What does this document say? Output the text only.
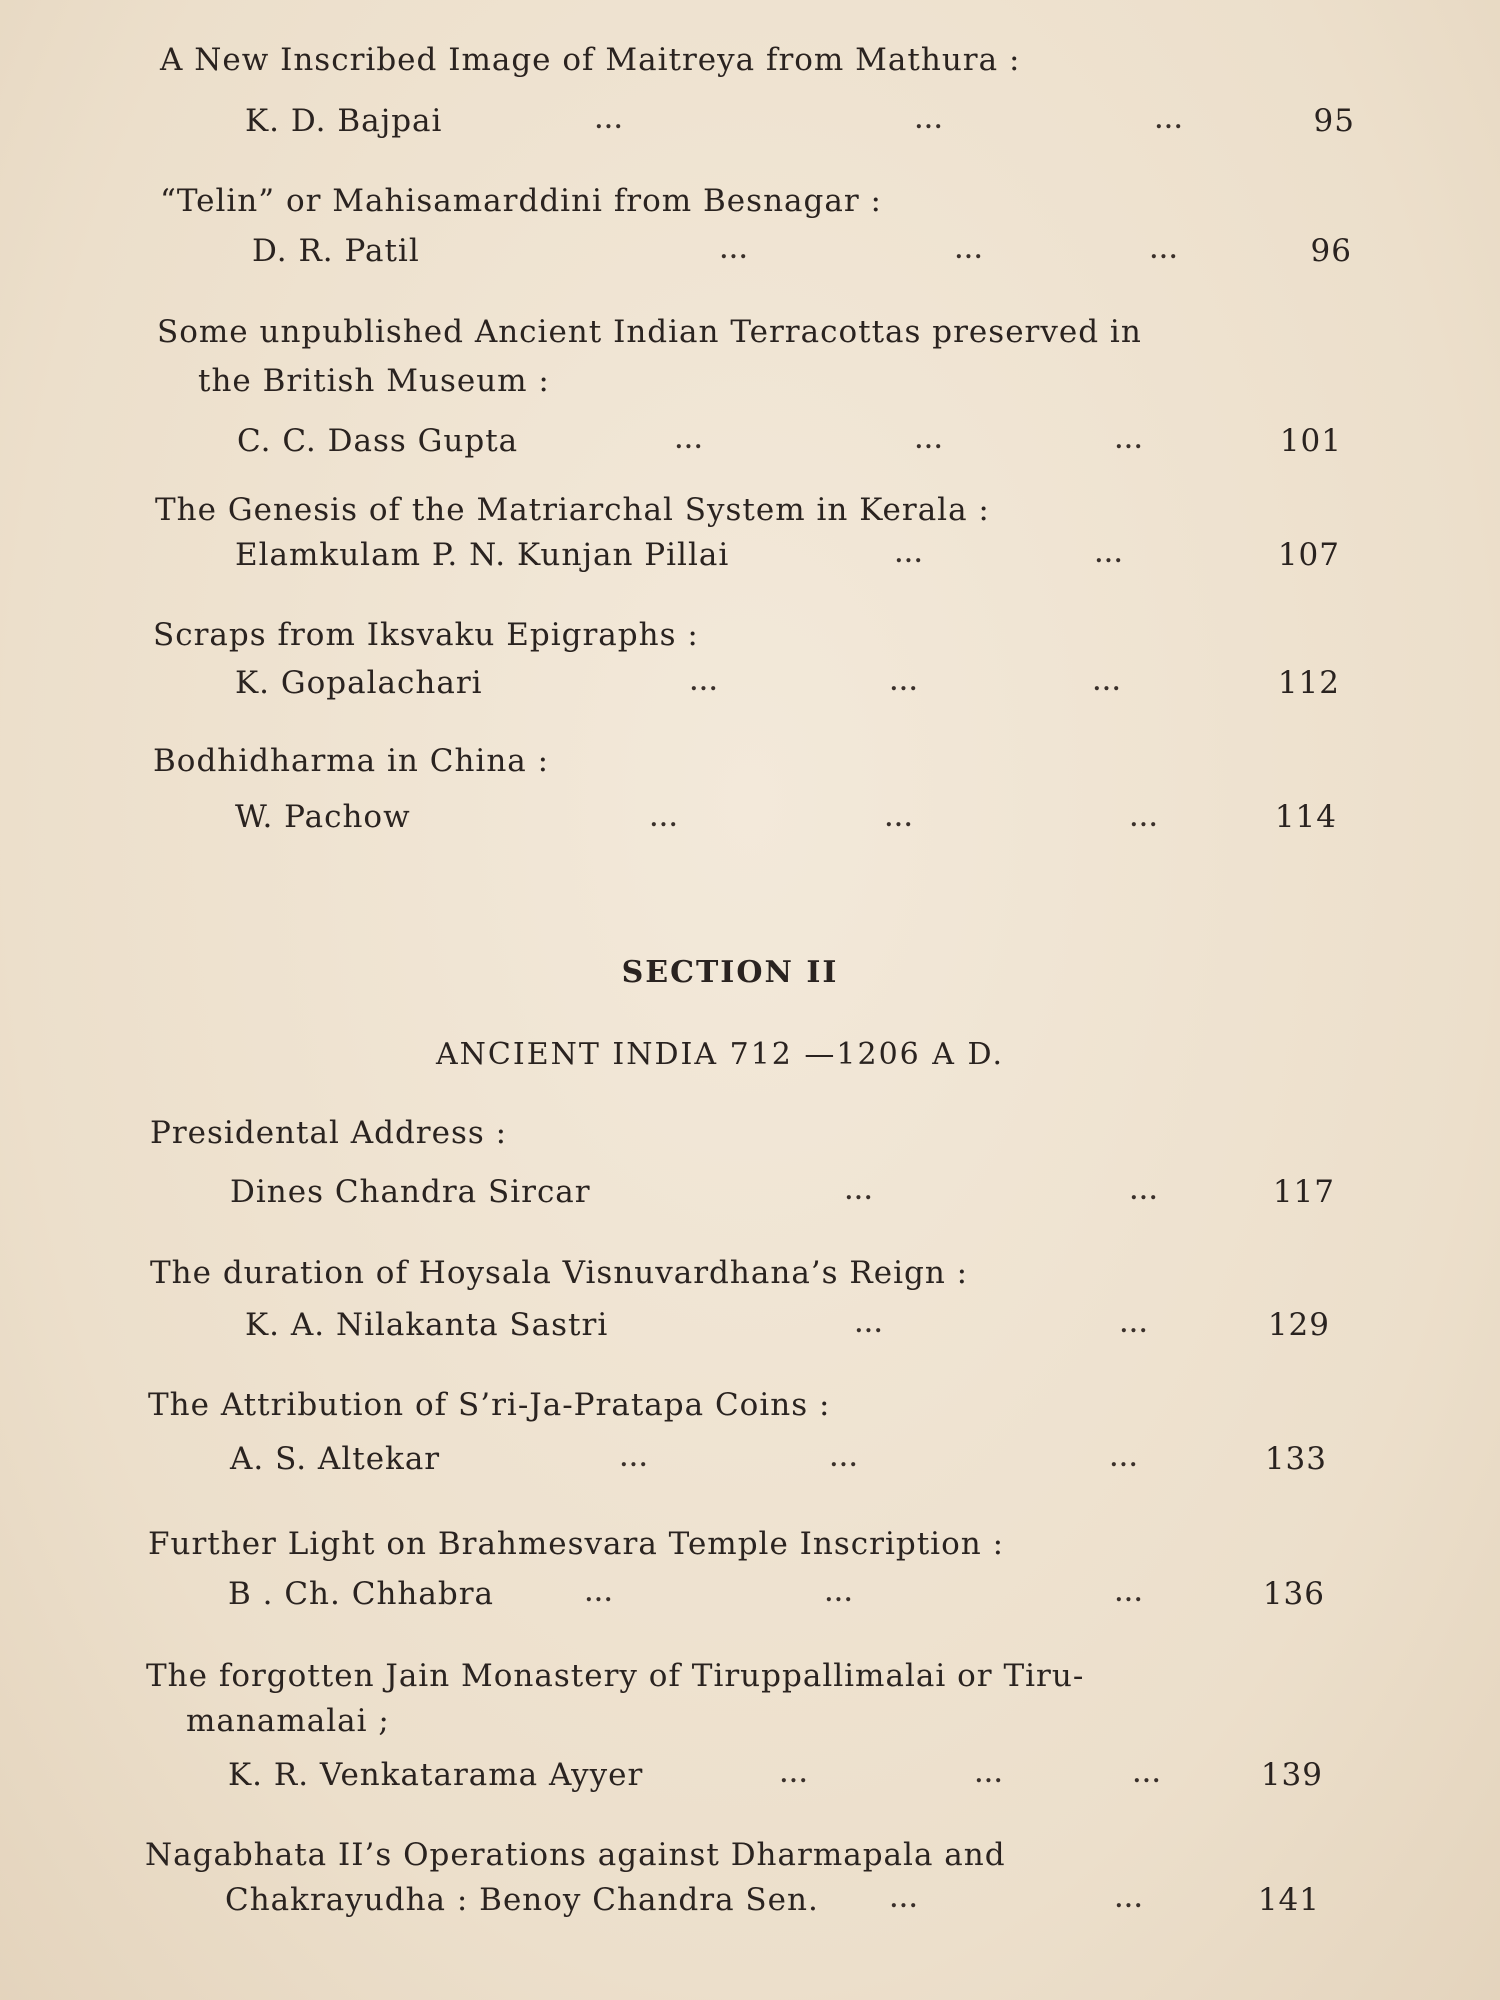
A New Inscribed Image of Maitreya from Mathura :
K. D. Bajpai	...	...	...	95
“Telin” or Mahisamarddini from Besnagar :
D. R. Patil	...	...	...	96
Some unpublished Ancient Indian Terracottas preserved in
the British Museum :
C. C. Dass Gupta	...	...	...	101
The Genesis of the Matriarchal System in Kerala :
Elamkulam P. N. Kunjan Pillai	...	...	107
Scraps from Iksvaku Epigraphs :
K. Gopalachari	...	...	...	112
Bodhidharma in China :
W. Pachow	...	...	...	114
SECTION II
ANCIENT INDIA 712 —1206 A D.
Presidental Address :
Dines Chandra Sircar	...	...	117
The duration of Hoysala Visnuvardhana’s Reign :
K. A. Nilakanta Sastri	...	...	129
The Attribution of S’ri-Ja-Pratapa Coins :
A. S. Altekar	...	...	...	133
Further Light on Brahmesvara Temple Inscription :
B . Ch. Chhabra	...	...	...	136
The forgotten Jain Monastery of Tiruppallimalai or Tiru-
manamalai ;
K. R. Venkatarama Ayyer	...	...	...	139
Nagabhata II’s Operations against Dharmapala and
Chakrayudha : Benoy Chandra Sen.	...	...	141
